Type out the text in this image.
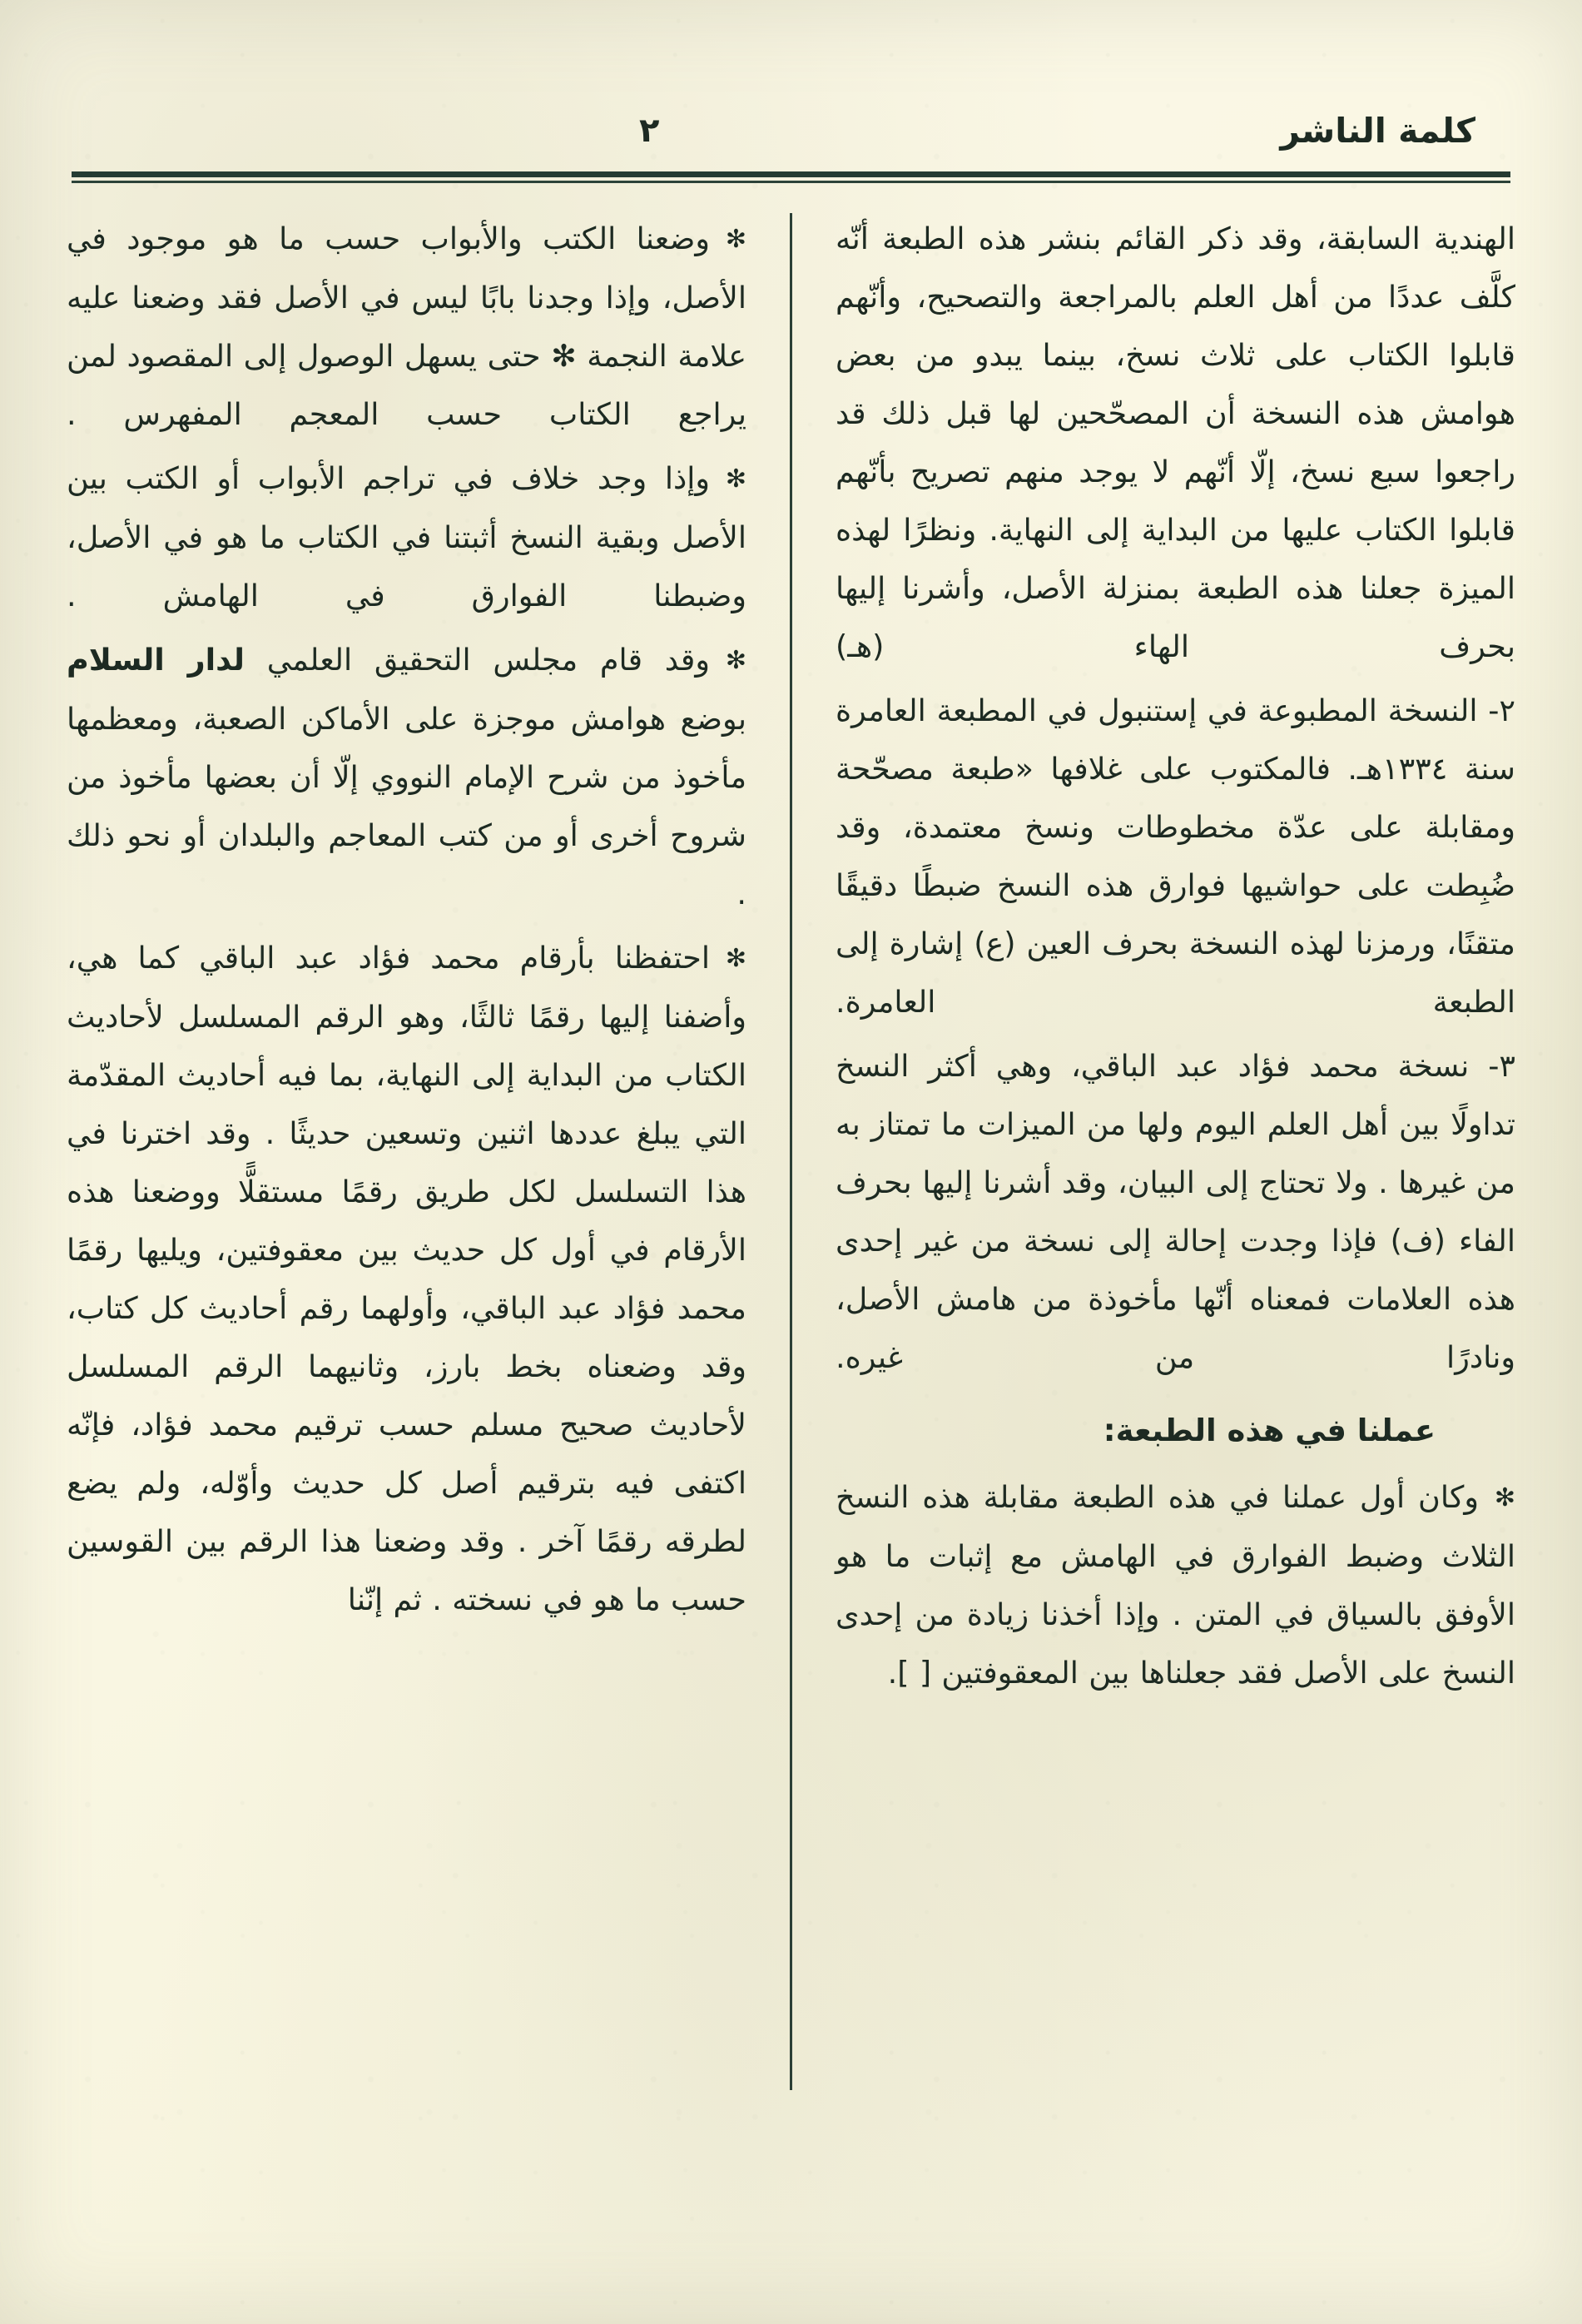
كلمة الناشر
٢

الهندية السابقة، وقد ذكر القائم بنشر هذه الطبعة أنّه كلَّف عددًا من أهل العلم بالمراجعة والتصحيح، وأنّهم قابلوا الكتاب على ثلاث نسخ، بينما يبدو من بعض هوامش هذه النسخة أن المصحّحين لها قبل ذلك قد راجعوا سبع نسخ، إلّا أنّهم لا يوجد منهم تصريح بأنّهم قابلوا الكتاب عليها من البداية إلى النهاية. ونظرًا لهذه الميزة جعلنا هذه الطبعة بمنزلة الأصل، وأشرنا إليها بحرف الهاء (هـ)

٢- النسخة المطبوعة في إستنبول في المطبعة العامرة سنة ١٣٣٤هـ. فالمكتوب على غلافها «طبعة مصحّحة ومقابلة على عدّة مخطوطات ونسخ معتمدة، وقد ضُبِطت على حواشيها فوارق هذه النسخ ضبطًا دقيقًا متقنًا، ورمزنا لهذه النسخة بحرف العين (ع) إشارة إلى الطبعة العامرة.

٣- نسخة محمد فؤاد عبد الباقي، وهي أكثر النسخ تداولًا بين أهل العلم اليوم ولها من الميزات ما تمتاز به من غيرها . ولا تحتاج إلى البيان، وقد أشرنا إليها بحرف الفاء (ف) فإذا وجدت إحالة إلى نسخة من غير إحدى هذه العلامات فمعناه أنّها مأخوذة من هامش الأصل، ونادرًا من غيره.

عملنا في هذه الطبعة:

✻وكان أول عملنا في هذه الطبعة مقابلة هذه النسخ الثلاث وضبط الفوارق في الهامش مع إثبات ما هو الأوفق بالسياق في المتن . وإذا أخذنا زيادة من إحدى النسخ على الأصل فقد جعلناها بين المعقوفتين [ ].

✻وضعنا الكتب والأبواب حسب ما هو موجود في الأصل، وإذا وجدنا بابًا ليس في الأصل فقد وضعنا عليه علامة النجمة ✻ حتى يسهل الوصول إلى المقصود لمن يراجع الكتاب حسب المعجم المفهرس .

✻وإذا وجد خلاف في تراجم الأبواب أو الكتب بين الأصل وبقية النسخ أثبتنا في الكتاب ما هو في الأصل، وضبطنا الفوارق في الهامش .

✻وقد قام مجلس التحقيق العلمي لدار السلام بوضع هوامش موجزة على الأماكن الصعبة، ومعظمها مأخوذ من شرح الإمام النووي إلّا أن بعضها مأخوذ من شروح أخرى أو من كتب المعاجم والبلدان أو نحو ذلك .

✻احتفظنا بأرقام محمد فؤاد عبد الباقي كما هي، وأضفنا إليها رقمًا ثالثًا، وهو الرقم المسلسل لأحاديث الكتاب من البداية إلى النهاية، بما فيه أحاديث المقدّمة التي يبلغ عددها اثنين وتسعين حديثًا . وقد اخترنا في هذا التسلسل لكل طريق رقمًا مستقلًّا ووضعنا هذه الأرقام في أول كل حديث بين معقوفتين، ويليها رقمًا محمد فؤاد عبد الباقي، وأولهما رقم أحاديث كل كتاب، وقد وضعناه بخط بارز، وثانيهما الرقم المسلسل لأحاديث صحيح مسلم حسب ترقيم محمد فؤاد، فإنّه اكتفى فيه بترقيم أصل كل حديث وأوّله، ولم يضع لطرقه رقمًا آخر . وقد وضعنا هذا الرقم بين القوسين حسب ما هو في نسخته . ثم إنّنا
